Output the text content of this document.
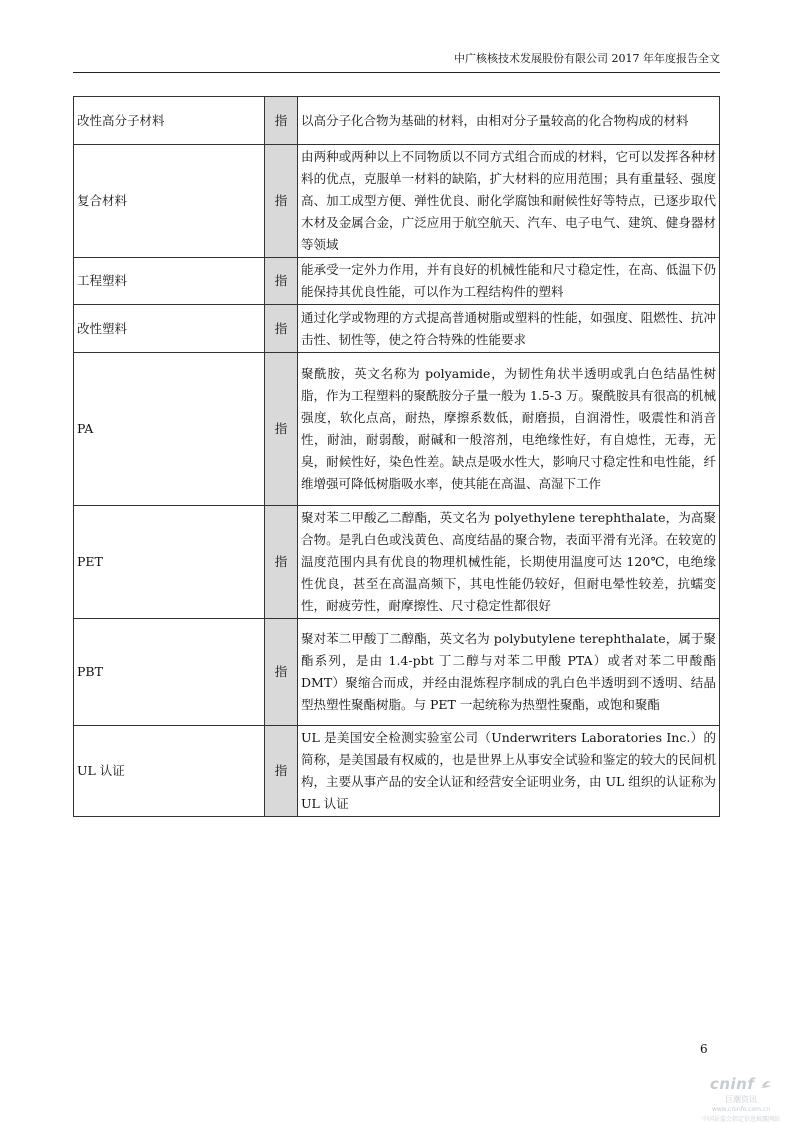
中广核核技术发展股份有限公司 2017 年年度报告全文
改性高分子材料	指	以高分子化合物为基础的材料，由相对分子量较高的化合物构成的材料
复合材料	指	由两种或两种以上不同物质以不同方式组合而成的材料，它可以发挥各种材料的优点，克服单一材料的缺陷，扩大材料的应用范围；具有重量轻、强度高、加工成型方便、弹性优良、耐化学腐蚀和耐候性好等特点，已逐步取代木材及金属合金，广泛应用于航空航天、汽车、电子电气、建筑、健身器材等领域
工程塑料	指	能承受一定外力作用，并有良好的机械性能和尺寸稳定性，在高、低温下仍能保持其优良性能，可以作为工程结构件的塑料
改性塑料	指	通过化学或物理的方式提高普通树脂或塑料的性能，如强度、阻燃性、抗冲击性、韧性等，使之符合特殊的性能要求
PA	指	聚酰胺，英文名称为 polyamide，为韧性角状半透明或乳白色结晶性树脂，作为工程塑料的聚酰胺分子量一般为 1.5-3 万。聚酰胺具有很高的机械强度，软化点高，耐热，摩擦系数低，耐磨损，自润滑性，吸震性和消音性，耐油，耐弱酸，耐碱和一般溶剂，电绝缘性好，有自熄性，无毒，无臭，耐候性好，染色性差。缺点是吸水性大，影响尺寸稳定性和电性能，纤维增强可降低树脂吸水率，使其能在高温、高湿下工作
PET	指	聚对苯二甲酸乙二醇酯，英文名为 polyethylene terephthalate，为高聚合物。是乳白色或浅黄色、高度结晶的聚合物，表面平滑有光泽。在较宽的温度范围内具有优良的物理机械性能，长期使用温度可达 120℃，电绝缘性优良，甚至在高温高频下，其电性能仍较好，但耐电晕性较差，抗蠕变性，耐疲劳性，耐摩擦性、尺寸稳定性都很好
PBT	指	聚对苯二甲酸丁二醇酯，英文名为 polybutylene terephthalate，属于聚酯系列，是由 1.4-pbt 丁二醇与对苯二甲酸 PTA）或者对苯二甲酸酯DMT）聚缩合而成，并经由混炼程序制成的乳白色半透明到不透明、结晶型热塑性聚酯树脂。与 PET 一起统称为热塑性聚酯，或饱和聚酯
UL 认证	指	UL 是美国安全检测实验室公司（Underwriters Laboratories Inc.）的简称，是美国最有权威的，也是世界上从事安全试验和鉴定的较大的民间机构，主要从事产品的安全认证和经营安全证明业务，由 UL 组织的认证称为 UL 认证
6
cninf
巨潮资讯
www.cninfo.com.cn
中国证监会指定信息披露网站
